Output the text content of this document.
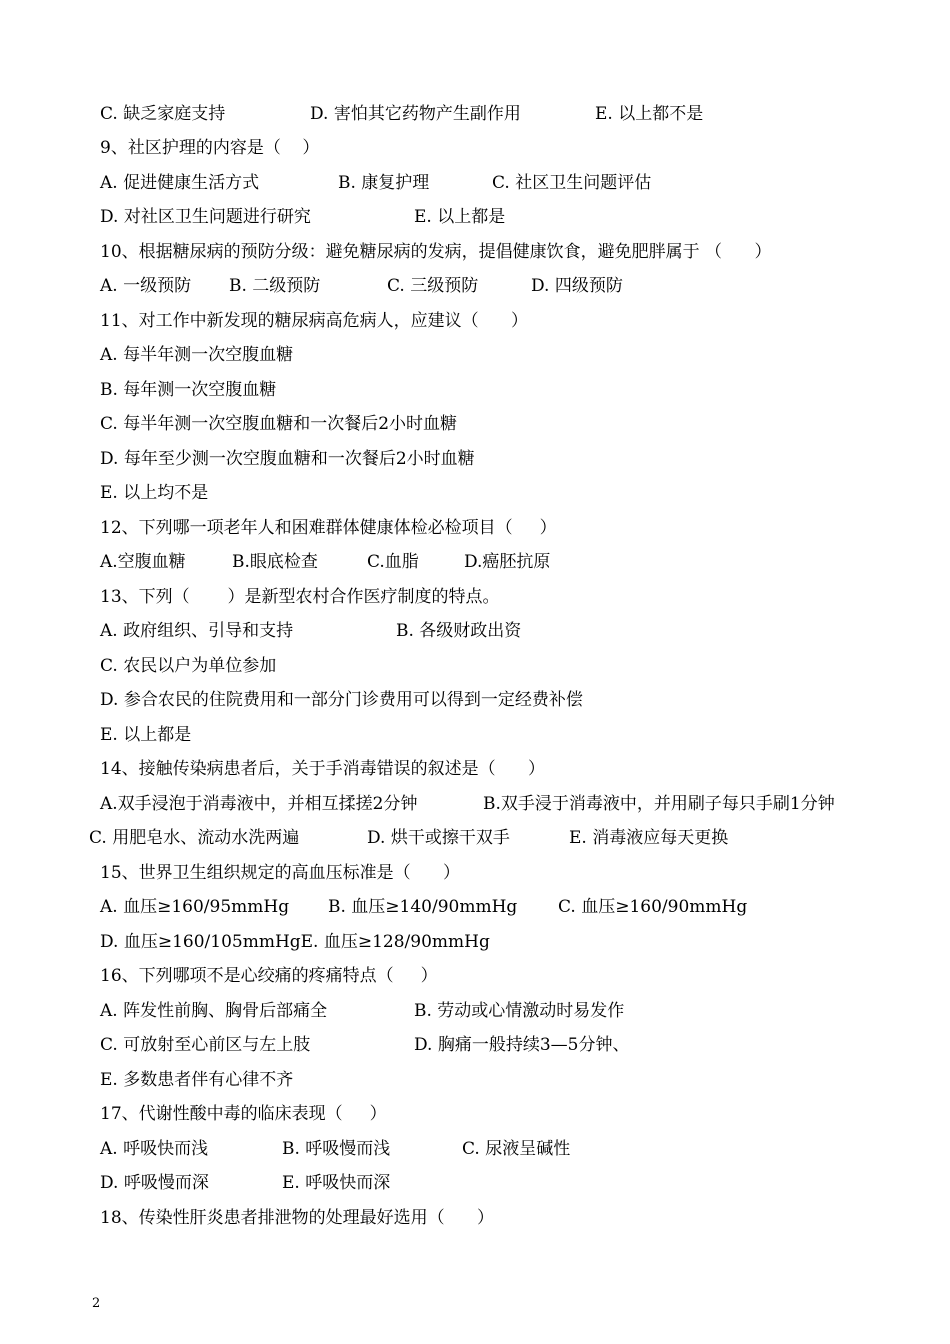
C. 缺乏家庭支持	D. 害怕其它药物产生副作用	E. 以上都不是
9、社区护理的内容是（    ）
A. 促进健康生活方式	B. 康复护理	C. 社区卫生问题评估
D. 对社区卫生问题进行研究	E. 以上都是
10、根据糖尿病的预防分级：避免糖尿病的发病，提倡健康饮食，避免肥胖属于 （      ）
A. 一级预防 B. 二级预防	C. 三级预防	D. 四级预防
11、对工作中新发现的糖尿病高危病人，应建议（      ）
A. 每半年测一次空腹血糖
B. 每年测一次空腹血糖
C. 每半年测一次空腹血糖和一次餐后2小时血糖
D. 每年至少测一次空腹血糖和一次餐后2小时血糖
E. 以上均不是
12、下列哪一项老年人和困难群体健康体检必检项目（     ）
A.空腹血糖	B.眼底检查	C.血脂	D.癌胚抗原
13、下列（       ）是新型农村合作医疗制度的特点。
A. 政府组织、引导和支持	B. 各级财政出资
C. 农民以户为单位参加
D. 参合农民的住院费用和一部分门诊费用可以得到一定经费补偿
E. 以上都是
14、接触传染病患者后，关于手消毒错误的叙述是（      ）
A.双手浸泡于消毒液中，并相互揉搓2分钟	B.双手浸于消毒液中，并用刷子每只手刷1分钟
C. 用肥皂水、流动水洗两遍	D. 烘干或擦干双手	E. 消毒液应每天更换
15、世界卫生组织规定的高血压标准是（      ）
A. 血压≥160/95mmHg B. 血压≥140/90mmHg C. 血压≥160/90mmHg
D. 血压≥160/105mmHgE. 血压≥128/90mmHg
16、下列哪项不是心绞痛的疼痛特点（     ）
A. 阵发性前胸、胸骨后部痛全	B. 劳动或心情激动时易发作
C. 可放射至心前区与左上肢	D. 胸痛一般持续3—5分钟、
E. 多数患者伴有心律不齐
17、代谢性酸中毒的临床表现（     ）
A. 呼吸快而浅	B. 呼吸慢而浅	C. 尿液呈碱性
D. 呼吸慢而深	E. 呼吸快而深
18、传染性肝炎患者排泄物的处理最好选用（      ）
2
